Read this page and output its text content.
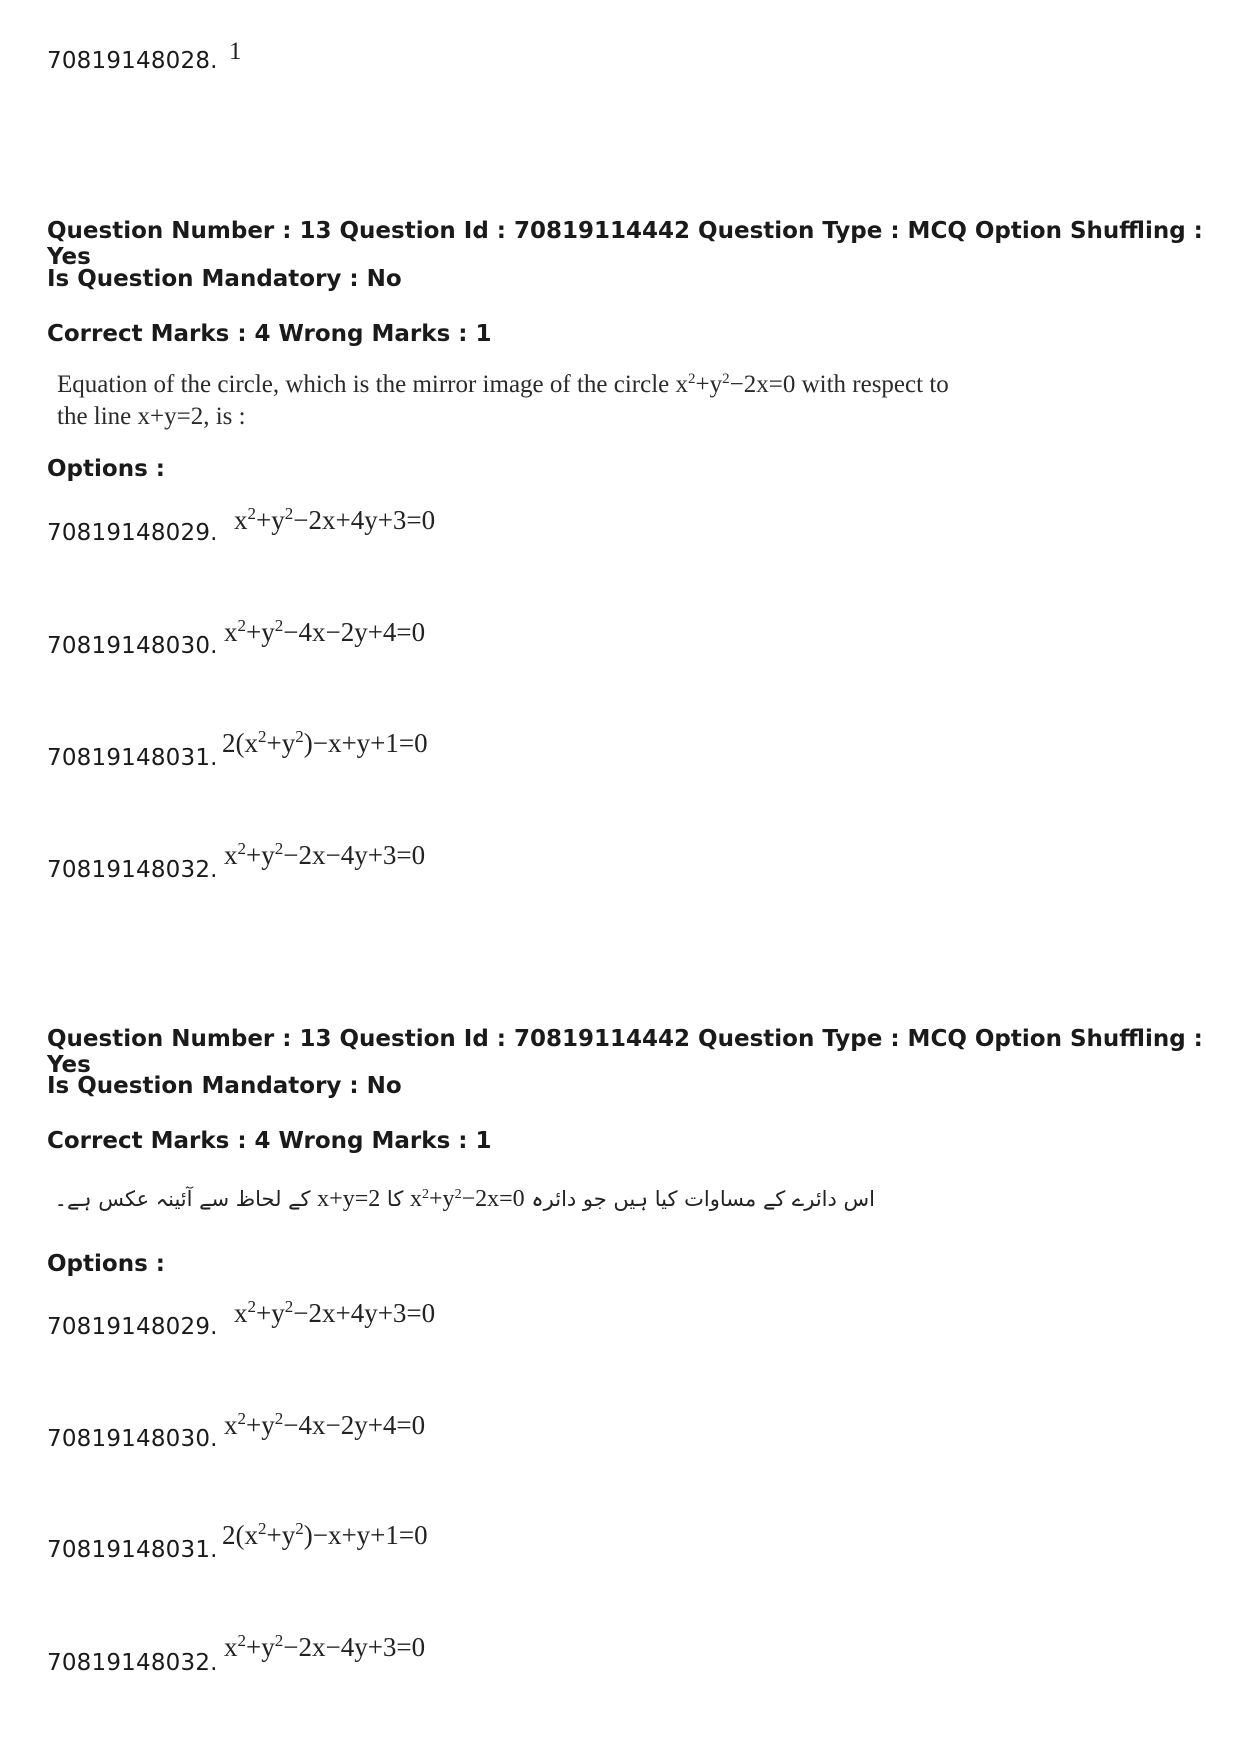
70819148028. 1
Question Number : 13 Question Id : 70819114442 Question Type : MCQ Option Shuffling : Yes
Is Question Mandatory : No
Correct Marks : 4 Wrong Marks : 1
Equation of the circle, which is the mirror image of the circle $x^2+y^2-2x=0$ with respect to
the line x+y=2, is :
Options :
70819148029. $x^2+y^2-2x+4y+3=0$
70819148030. $x^2+y^2-4x-2y+4=0$
70819148031. $2(x^2+y^2)-x+y+1=0$
70819148032. $x^2+y^2-2x-4y+3=0$
Question Number : 13 Question Id : 70819114442 Question Type : MCQ Option Shuffling : Yes
Is Question Mandatory : No
Correct Marks : 4 Wrong Marks : 1
اس دائرے کے مساوات کیا ہیں جو دائرہ $x^2+y^2-2x=0$ کا x+y=2 کے لحاظ سے آئینہ عکس ہے۔
Options :
70819148029. $x^2+y^2-2x+4y+3=0$
70819148030. $x^2+y^2-4x-2y+4=0$
70819148031. $2(x^2+y^2)-x+y+1=0$
70819148032.
$x^2+y^2-2x-4y+3=0$
